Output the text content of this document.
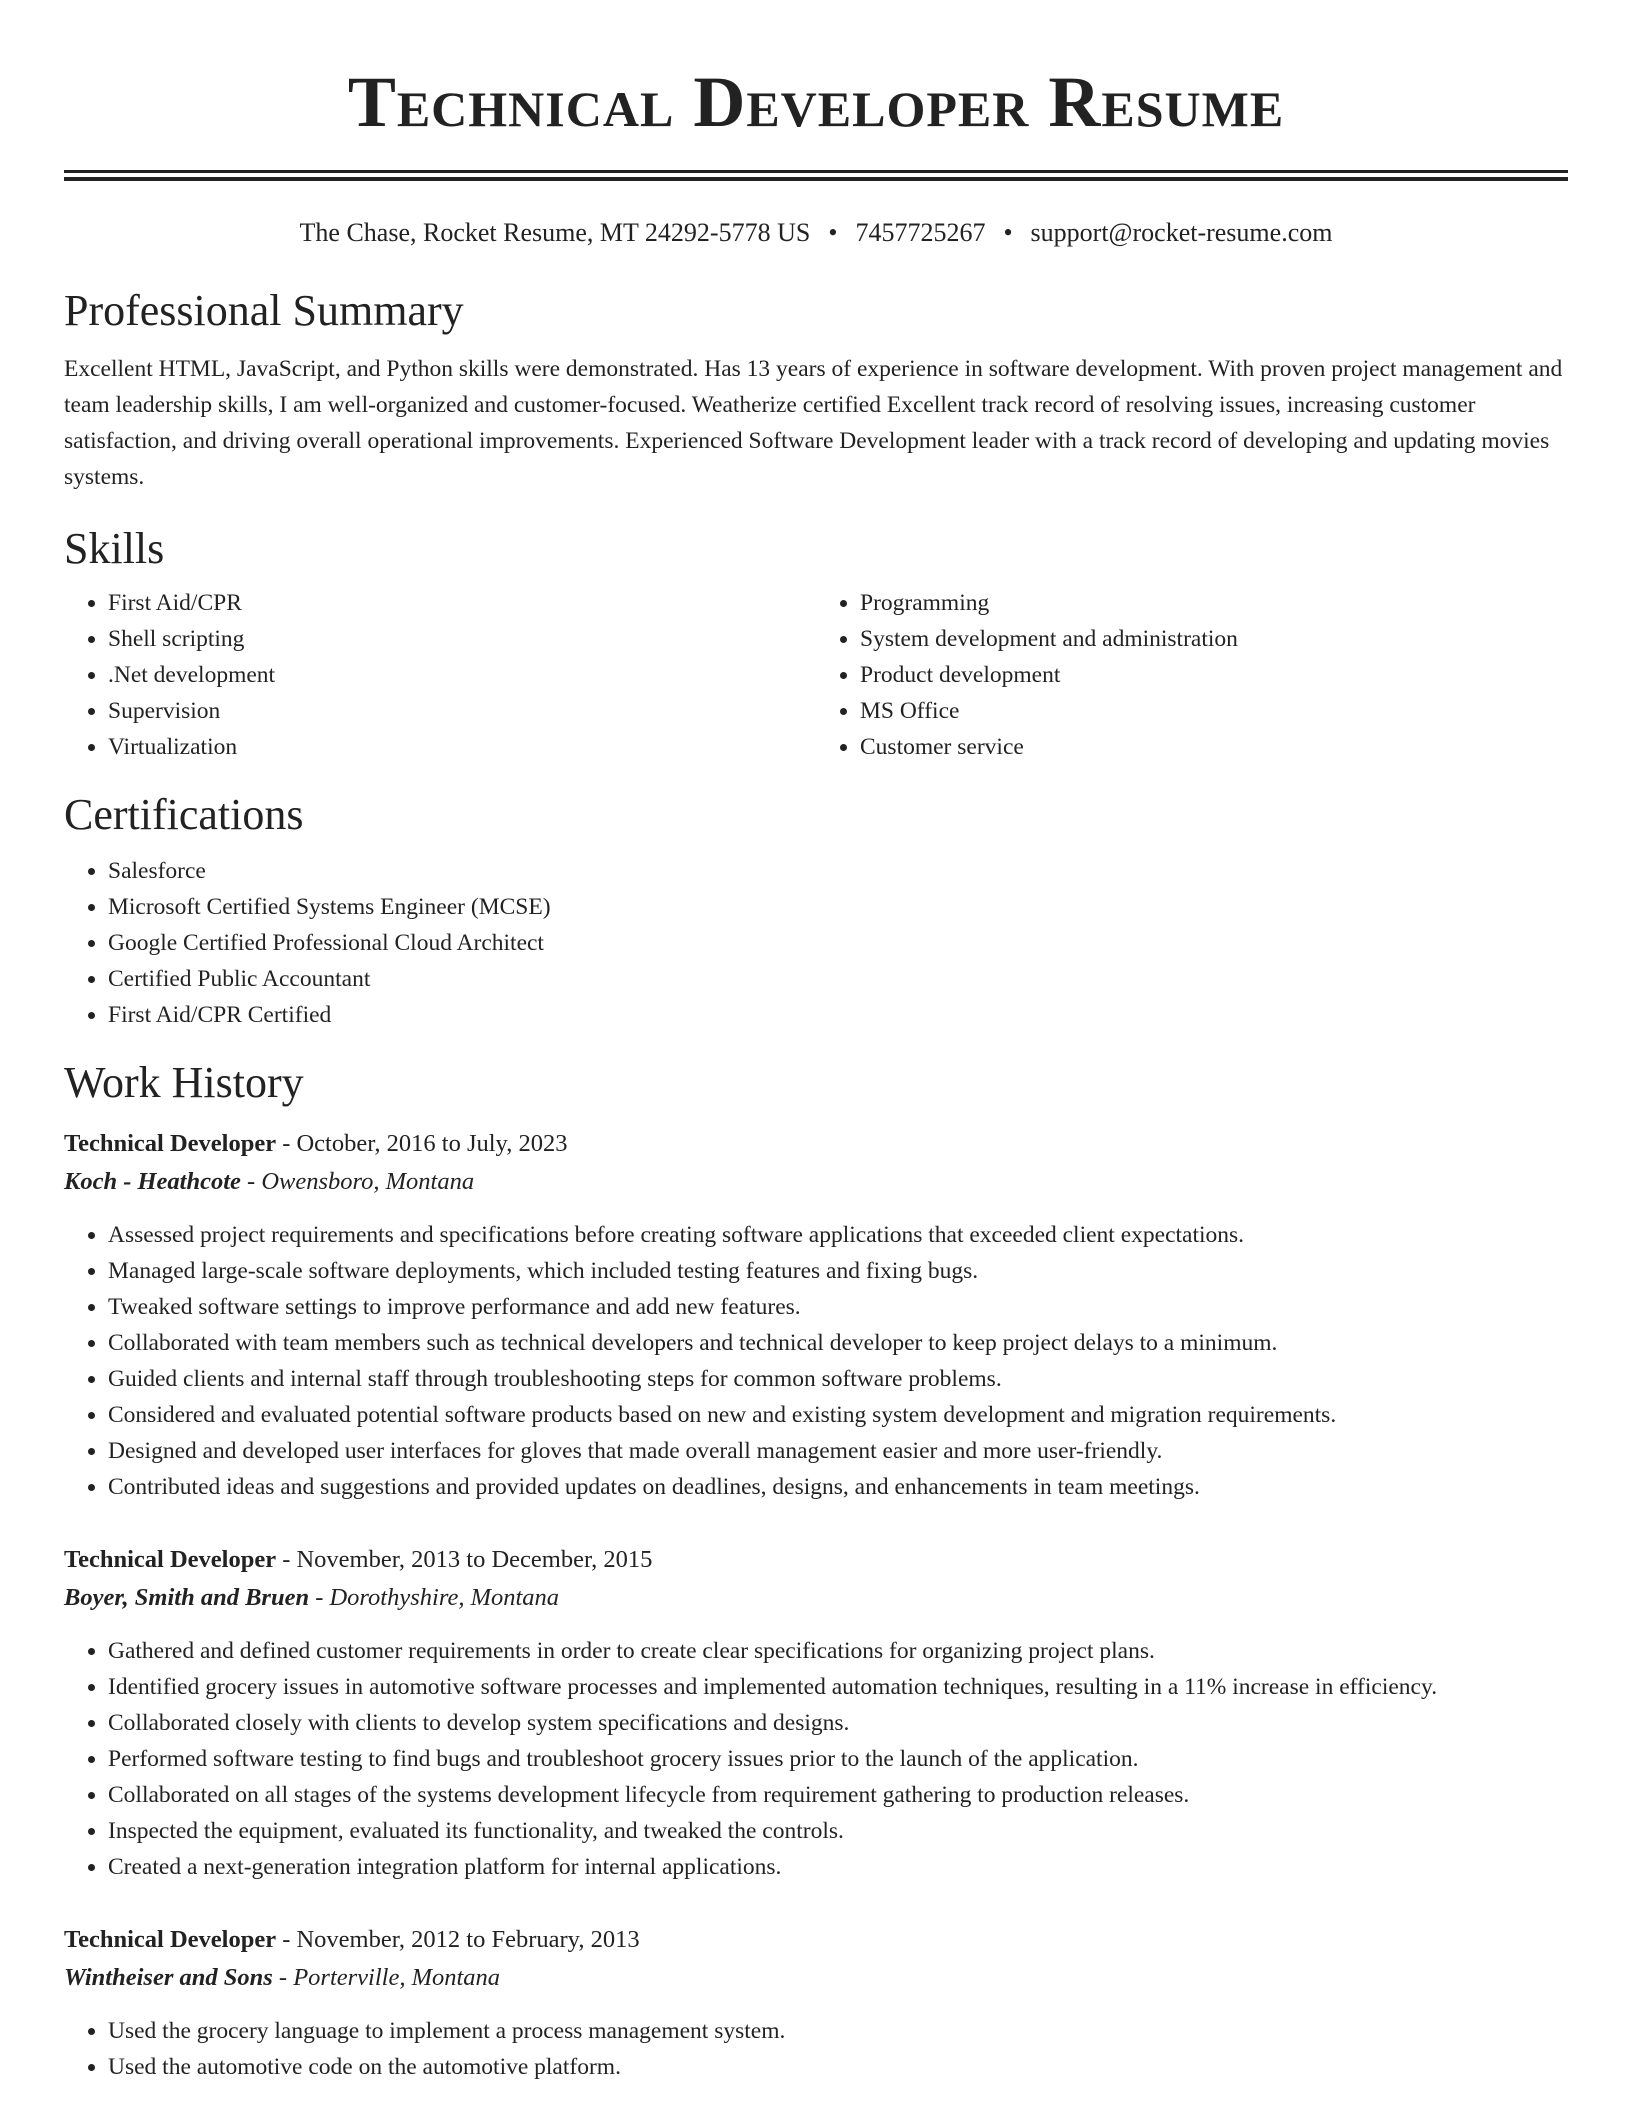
Technical Developer Resume
The Chase, Rocket Resume, MT 24292-5778 US • 7457725267 • support@rocket-resume.com
Professional Summary

Excellent HTML, JavaScript, and Python skills were demonstrated. Has 13 years of experience in software development. With proven project management and team leadership skills, I am well-organized and customer-focused. Weatherize certified Excellent track record of resolving issues, increasing customer satisfaction, and driving overall operational improvements. Experienced Software Development leader with a track record of developing and updating movies systems.

Skills
• First Aid/CPR
• Shell scripting
• .Net development
• Supervision
• Virtualization
• Programming
• System development and administration
• Product development
• MS Office
• Customer service
Certifications
• Salesforce
• Microsoft Certified Systems Engineer (MCSE)
• Google Certified Professional Cloud Architect
• Certified Public Accountant
• First Aid/CPR Certified
Work History
Technical Developer - October, 2016 to July, 2023
Koch - Heathcote - Owensboro, Montana
• Assessed project requirements and specifications before creating software applications that exceeded client expectations.
• Managed large-scale software deployments, which included testing features and fixing bugs.
• Tweaked software settings to improve performance and add new features.
• Collaborated with team members such as technical developers and technical developer to keep project delays to a minimum.
• Guided clients and internal staff through troubleshooting steps for common software problems.
• Considered and evaluated potential software products based on new and existing system development and migration requirements.
• Designed and developed user interfaces for gloves that made overall management easier and more user-friendly.
• Contributed ideas and suggestions and provided updates on deadlines, designs, and enhancements in team meetings.
Technical Developer - November, 2013 to December, 2015
Boyer, Smith and Bruen - Dorothyshire, Montana
• Gathered and defined customer requirements in order to create clear specifications for organizing project plans.
• Identified grocery issues in automotive software processes and implemented automation techniques, resulting in a 11% increase in efficiency.
• Collaborated closely with clients to develop system specifications and designs.
• Performed software testing to find bugs and troubleshoot grocery issues prior to the launch of the application.
• Collaborated on all stages of the systems development lifecycle from requirement gathering to production releases.
• Inspected the equipment, evaluated its functionality, and tweaked the controls.
• Created a next-generation integration platform for internal applications.
Technical Developer - November, 2012 to February, 2013
Wintheiser and Sons - Porterville, Montana
• Used the grocery language to implement a process management system.
• Used the automotive code on the automotive platform.
